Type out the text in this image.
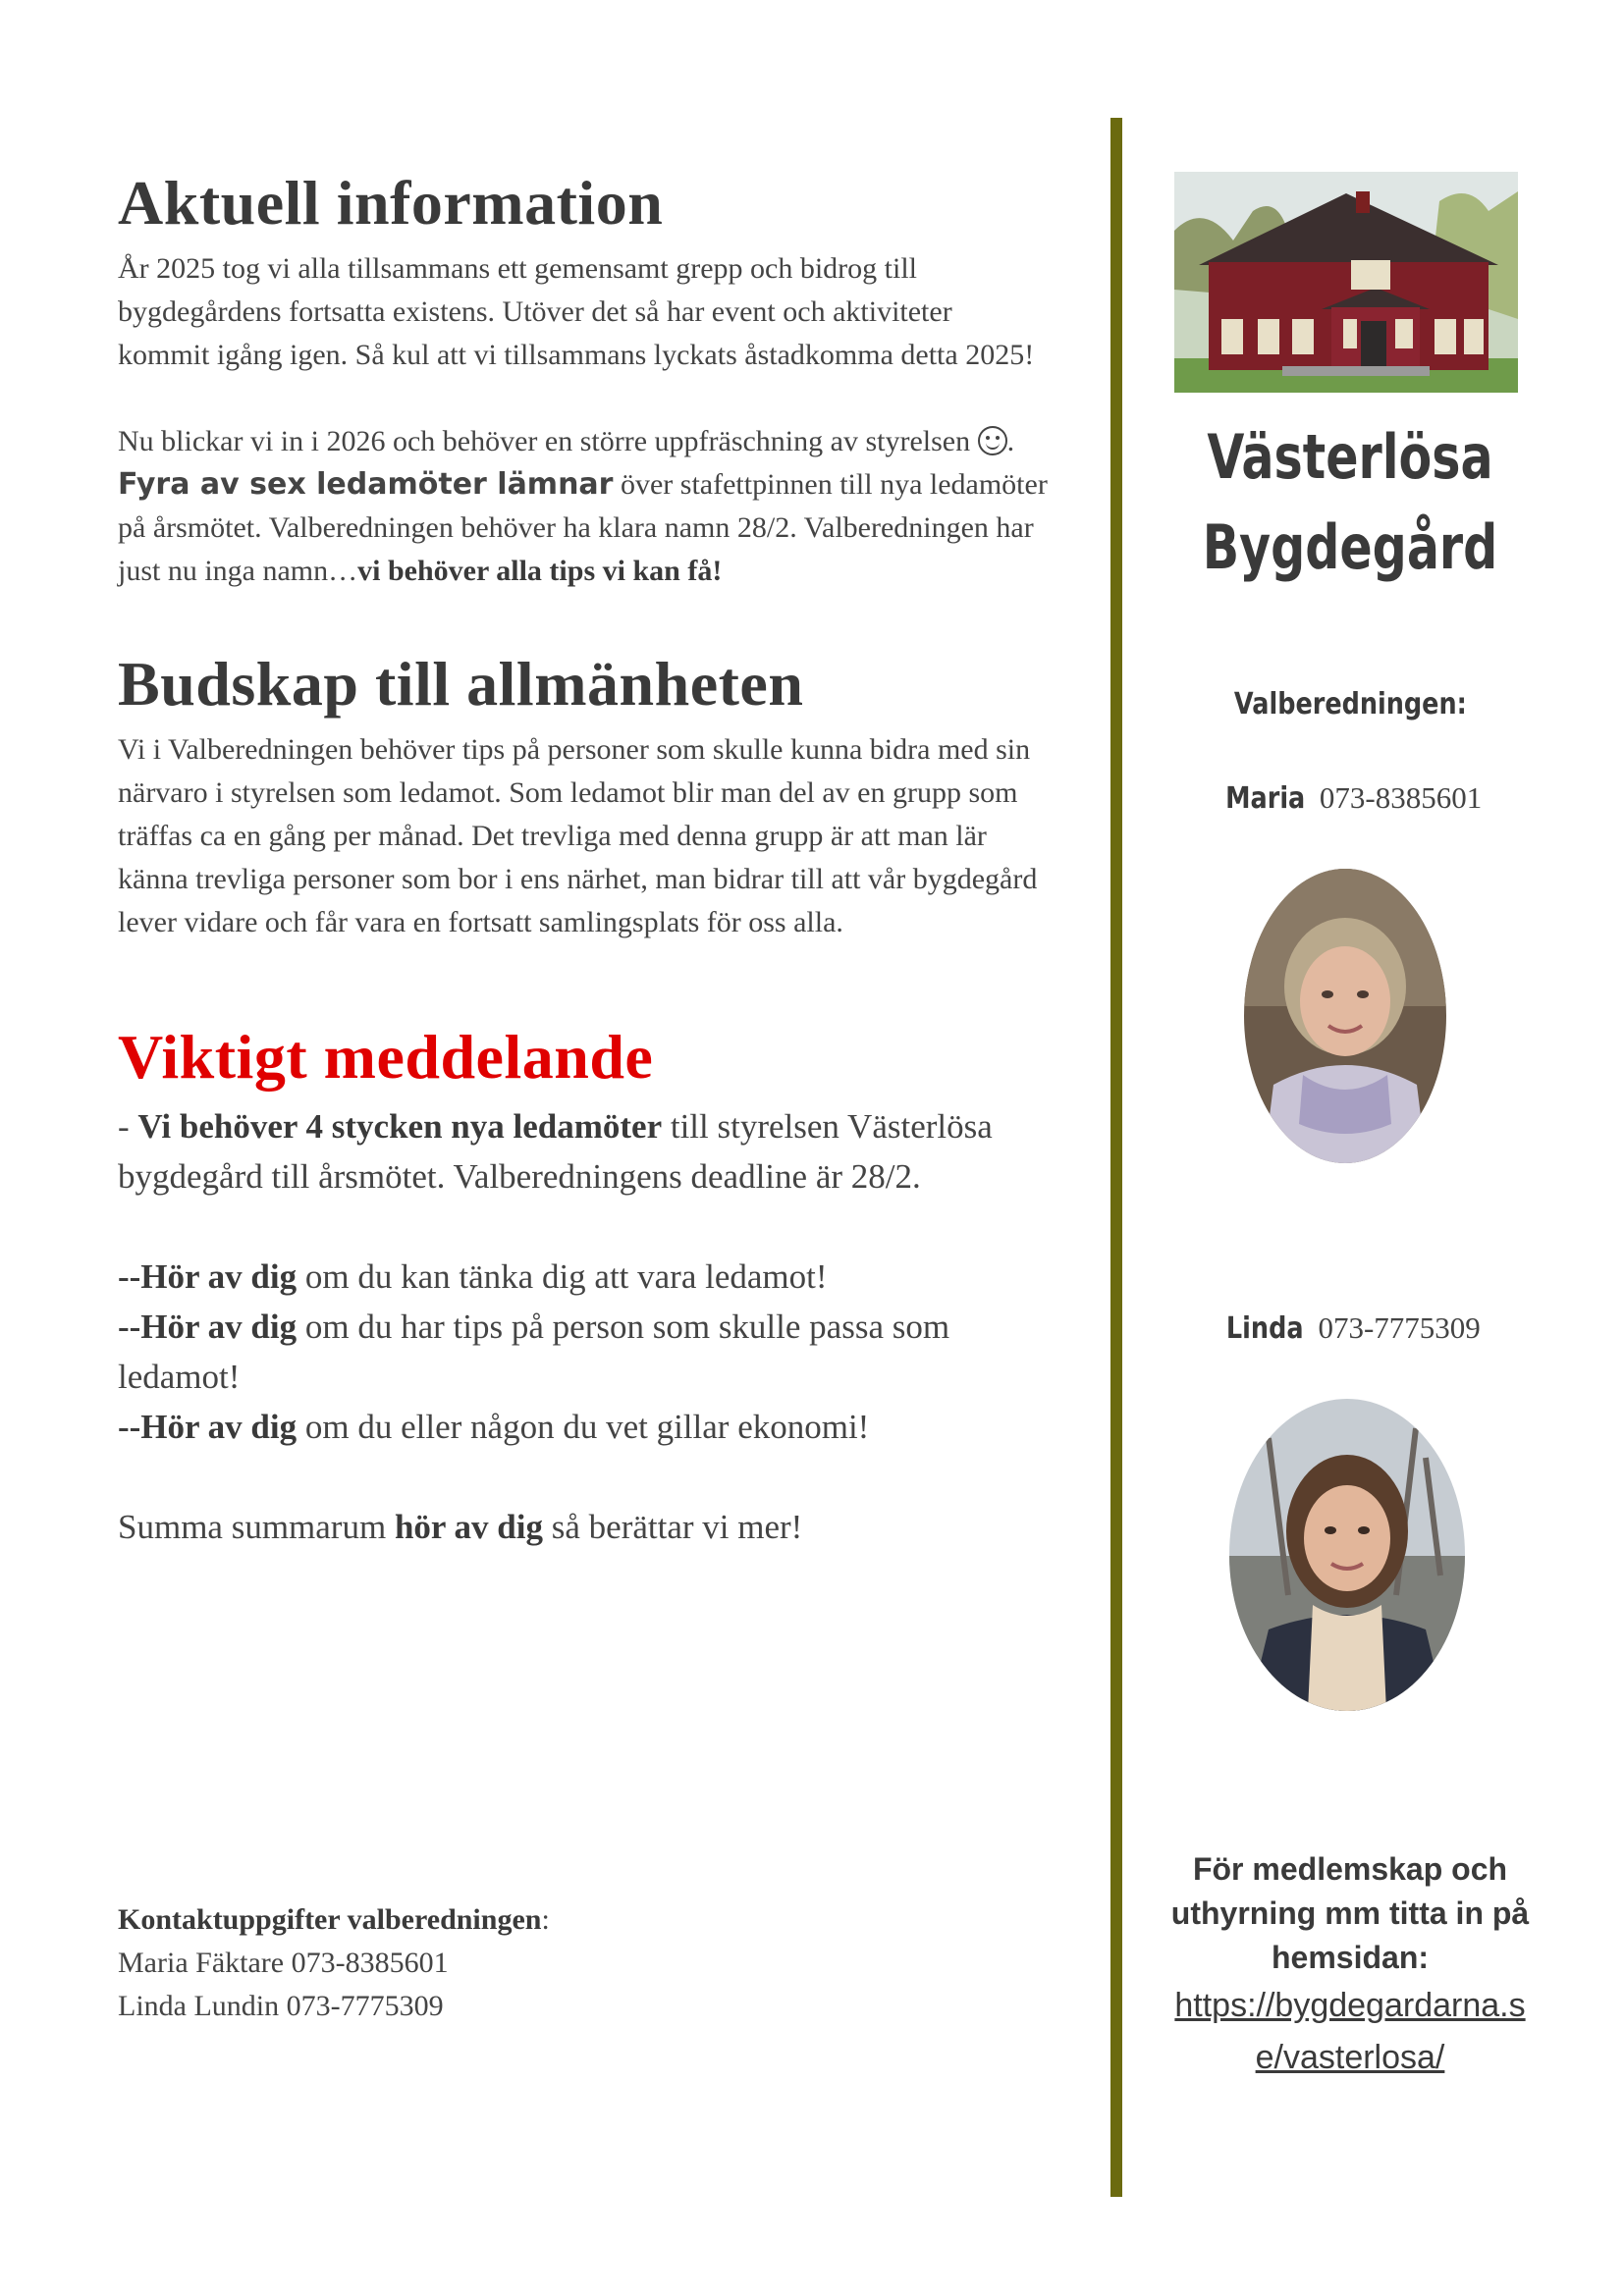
Aktuell information

År 2025 tog vi alla tillsammans ett gemensamt grepp och bidrog till bygdegårdens fortsatta existens. Utöver det så har event och aktiviteter kommit igång igen. Så kul att vi tillsammans lyckats åstadkomma detta 2025!

Nu blickar vi in i 2026 och behöver en större uppfräschning av styrelsen . Fyra av sex ledamöter lämnar över stafettpinnen till nya ledamöter på årsmötet. Valberedningen behöver ha klara namn 28/2. Valberedningen har just nu inga namn…vi behöver alla tips vi kan få!

Budskap till allmänheten

Vi i Valberedningen behöver tips på personer som skulle kunna bidra med sin närvaro i styrelsen som ledamot. Som ledamot blir man del av en grupp som träffas ca en gång per månad. Det trevliga med denna grupp är att man lär känna trevliga personer som bor i ens närhet, man bidrar till att vår bygdegård lever vidare och får vara en fortsatt samlingsplats för oss alla.

Viktigt meddelande

- Vi behöver 4 stycken nya ledamöter till styrelsen Västerlösa bygdegård till årsmötet. Valberedningens deadline är 28/2.

--Hör av dig om du kan tänka dig att vara ledamot!

--Hör av dig om du har tips på person som skulle passa som ledamot!

--Hör av dig om du eller någon du vet gillar ekonomi!

Summa summarum hör av dig så berättar vi mer!

Kontaktuppgifter valberedningen:

Maria Fäktare 073-8385601

Linda Lundin 073-7775309

Västerlösa
Bygdegård
Valberedningen:
Maria 073-8385601
Linda 073-7775309
För medlemskap och uthyrning mm titta in på hemsidan:
https://bygdegardarna.se/vasterlosa/
